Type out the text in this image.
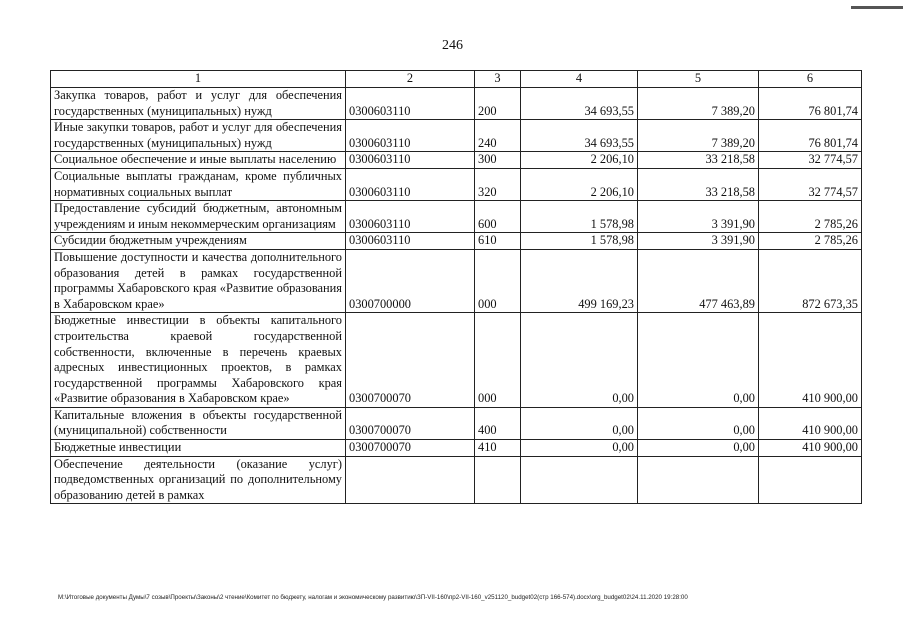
246
1	2	3	4	5	6
Закупка товаров, работ и услуг для обеспечения государственных (муниципальных) нужд	0300603110	200	34 693,55	7 389,20	76 801,74
Иные закупки товаров, работ и услуг для обеспечения государственных (муниципальных) нужд	0300603110	240	34 693,55	7 389,20	76 801,74
Социальное обеспечение и иные выплаты населению	0300603110	300	2 206,10	33 218,58	32 774,57
Социальные выплаты гражданам, кроме публичных нормативных социальных выплат	0300603110	320	2 206,10	33 218,58	32 774,57
Предоставление субсидий бюджетным, автономным учреждениям и иным некоммерческим организациям	0300603110	600	1 578,98	3 391,90	2 785,26
Субсидии бюджетным учреждениям	0300603110	610	1 578,98	3 391,90	2 785,26
Повышение доступности и качества дополнительного образования детей в рамках государственной программы Хабаровского края «Развитие образования в Хабаровском крае»	0300700000	000	499 169,23	477 463,89	872 673,35
Бюджетные инвестиции в объекты капитального строительства краевой государственной собственности, включенные в перечень краевых адресных инвестиционных проектов, в рамках государственной программы Хабаровского края «Развитие образования в Хабаровском крае»	0300700070	000	0,00	0,00	410 900,00
Капитальные вложения в объекты государственной (муниципальной) собственности	0300700070	400	0,00	0,00	410 900,00
Бюджетные инвестиции	0300700070	410	0,00	0,00	410 900,00
Обеспечение деятельности (оказание услуг) подведомственных организаций по дополнительному образованию детей в рамках					
M:\Итоговые документы Думы\7 созыв\Проекты\Законы\2 чтение\Комитет по бюджету, налогам и экономическому развитию\ЗП-VII-160\пр2-VII-160_v251120_budget02(стр 166-574).docx\org_budget02\24.11.2020 19:28:00
